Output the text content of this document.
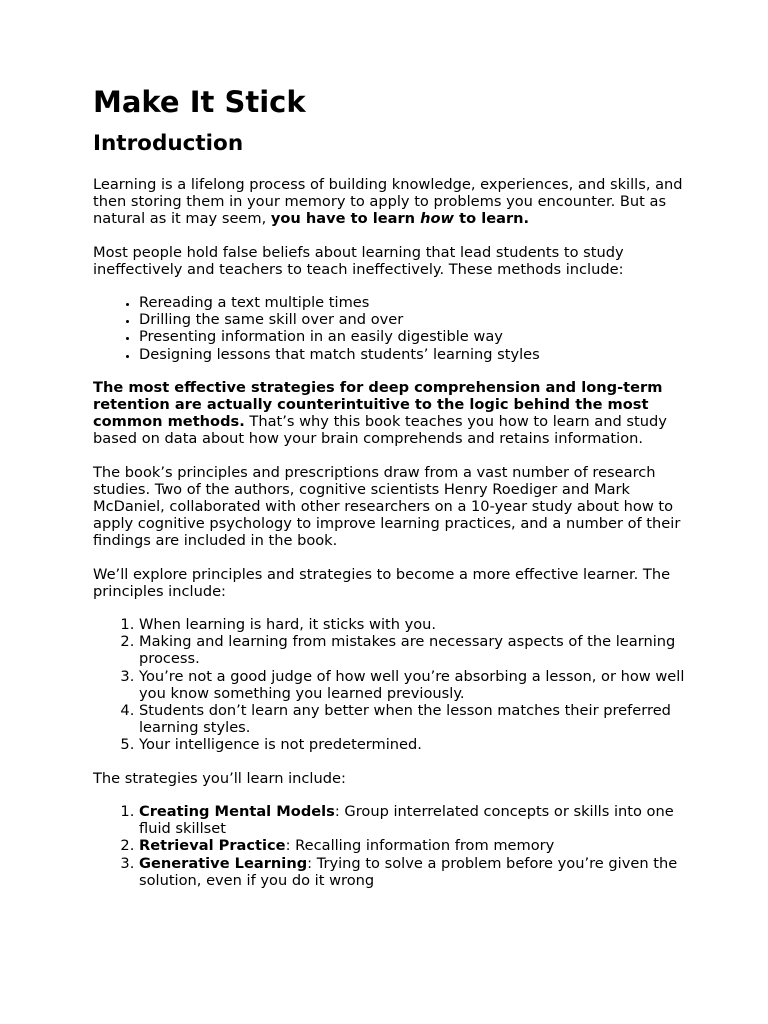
Make It Stick
Introduction

Learning is a lifelong process of building knowledge, experiences, and skills, and then storing them in your memory to apply to problems you encounter. But as natural as it may seem, you have to learn how to learn.

Most people hold false beliefs about learning that lead students to study ineffectively and teachers to teach ineffectively. These methods include:

• Rereading a text multiple times
• Drilling the same skill over and over
• Presenting information in an easily digestible way
• Designing lessons that match students’ learning styles

The most effective strategies for deep comprehension and long-term retention are actually counterintuitive to the logic behind the most common methods. That’s why this book teaches you how to learn and study based on data about how your brain comprehends and retains information.

The book’s principles and prescriptions draw from a vast number of research studies. Two of the authors, cognitive scientists Henry Roediger and Mark McDaniel, collaborated with other researchers on a 10-year study about how to apply cognitive psychology to improve learning practices, and a number of their findings are included in the book.

We’ll explore principles and strategies to become a more effective learner. The principles include:

1. When learning is hard, it sticks with you.
2. Making and learning from mistakes are necessary aspects of the learning process.
3. You’re not a good judge of how well you’re absorbing a lesson, or how well you know something you learned previously.
4. Students don’t learn any better when the lesson matches their preferred learning styles.
5. Your intelligence is not predetermined.

The strategies you’ll learn include:

1. Creating Mental Models: Group interrelated concepts or skills into one fluid skillset
2. Retrieval Practice: Recalling information from memory
3. Generative Learning: Trying to solve a problem before you’re given the solution, even if you do it wrong
